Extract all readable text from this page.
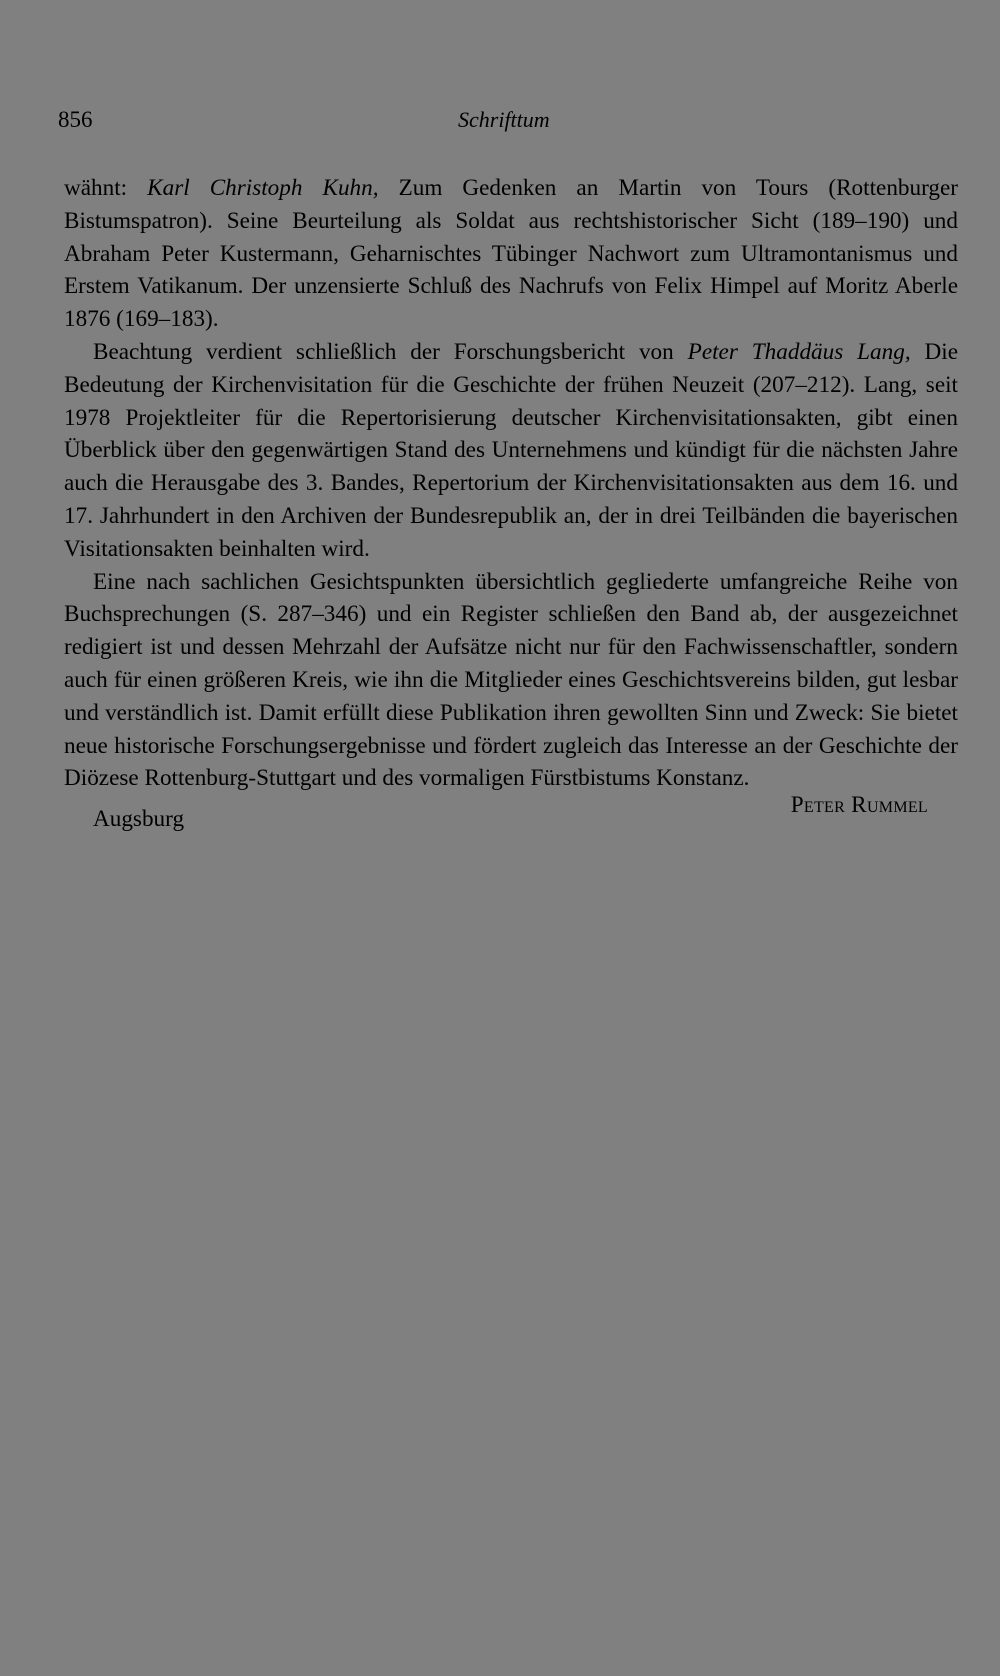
856	Schrifttum

wähnt: Karl Christoph Kuhn, Zum Gedenken an Martin von Tours (Rottenburger Bistumspatron). Seine Beurteilung als Soldat aus rechtshistorischer Sicht (189–190) und Abraham Peter Kustermann, Geharnischtes Tübinger Nachwort zum Ultramontanismus und Erstem Vatikanum. Der unzensierte Schluß des Nachrufs von Felix Himpel auf Moritz Aberle 1876 (169–183).

Beachtung verdient schließlich der Forschungsbericht von Peter Thaddäus Lang, Die Bedeutung der Kirchenvisitation für die Geschichte der frühen Neuzeit (207–212). Lang, seit 1978 Projektleiter für die Repertorisierung deutscher Kirchenvisitationsakten, gibt einen Überblick über den gegenwärtigen Stand des Unternehmens und kündigt für die nächsten Jahre auch die Herausgabe des 3. Bandes, Repertorium der Kirchenvisitationsakten aus dem 16. und 17. Jahrhundert in den Archiven der Bundesrepublik an, der in drei Teilbänden die bayerischen Visitationsakten beinhalten wird.

Eine nach sachlichen Gesichtspunkten übersichtlich gegliederte umfangreiche Reihe von Buchsprechungen (S. 287–346) und ein Register schließen den Band ab, der ausgezeichnet redigiert ist und dessen Mehrzahl der Aufsätze nicht nur für den Fachwissenschaftler, sondern auch für einen größeren Kreis, wie ihn die Mitglieder eines Geschichtsvereins bilden, gut lesbar und verständlich ist. Damit erfüllt diese Publikation ihren gewollten Sinn und Zweck: Sie bietet neue historische Forschungsergebnisse und fördert zugleich das Interesse an der Geschichte der Diözese Rottenburg-Stuttgart und des vormaligen Fürstbistums Konstanz.

Augsburg
Peter Rummel
